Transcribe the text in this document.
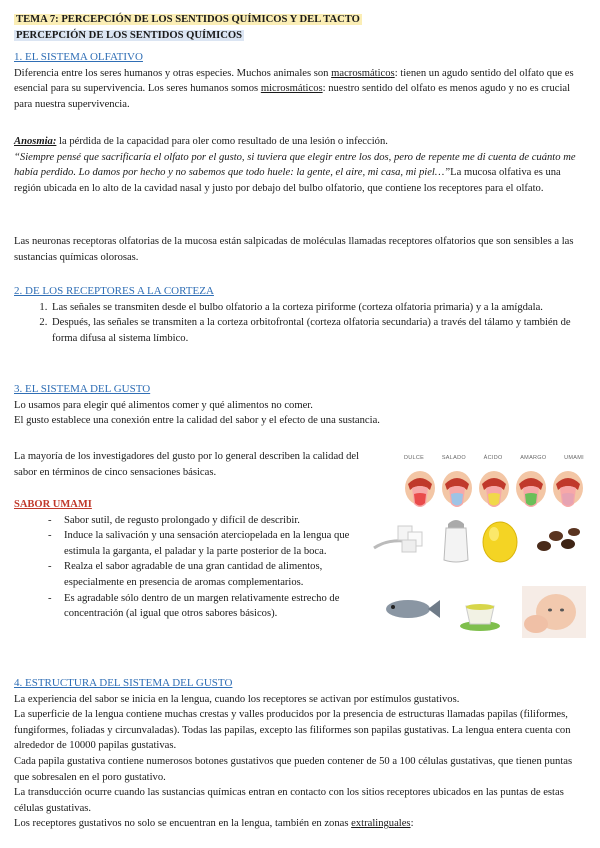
TEMA 7: PERCEPCIÓN DE LOS SENTIDOS QUÍMICOS Y DEL TACTO

PERCEPCIÓN DE LOS SENTIDOS QUÍMICOS

1. EL SISTEMA OLFATIVO

Diferencia entre los seres humanos y otras especies. Muchos animales son macrosmáticos: tienen un agudo sentido del olfato que es esencial para su supervivencia. Los seres humanos somos microsmáticos: nuestro sentido del olfato es menos agudo y no es crucial para nuestra supervivencia.

Anosmia: la pérdida de la capacidad para oler como resultado de una lesión o infección.

“Siempre pensé que sacrificaría el olfato por el gusto, si tuviera que elegir entre los dos, pero de repente me di cuenta de cuánto me había perdido. Lo damos por hecho y no sabemos que todo huele: la gente, el aire, mi casa, mi piel…”La mucosa olfativa es una región ubicada en lo alto de la cavidad nasal y justo por debajo del bulbo olfatorio, que contiene los receptores para el olfato.

Las neuronas receptoras olfatorias de la mucosa están salpicadas de moléculas llamadas receptores olfatorios que son sensibles a las sustancias químicas olorosas.

2. DE LOS RECEPTORES A LA CORTEZA

1. Las señales se transmiten desde el bulbo olfatorio a la corteza piriforme (corteza olfatoria primaria) y a la amígdala.
2. Después, las señales se transmiten a la corteza orbitofrontal (corteza olfatoria secundaria) a través del tálamo y también de forma difusa al sistema límbico.

3. EL SISTEMA DEL GUSTO

Lo usamos para elegir qué alimentos comer y qué alimentos no comer.

El gusto establece una conexión entre la calidad del sabor y el efecto de una sustancia.

La mayoría de los investigadores del gusto por lo general describen la calidad del sabor en términos de cinco sensaciones básicas.

DULCE	SALADO	ÁCIDO	AMARGO	UMAMI

SABOR UMAMI

- Sabor sutil, de regusto prolongado y difícil de describir.
- Induce la salivación y una sensación aterciopelada en la lengua que estimula la garganta, el paladar y la parte posterior de la boca.
- Realza el sabor agradable de una gran cantidad de alimentos, especialmente en presencia de aromas complementarios.
- Es agradable sólo dentro de un margen relativamente estrecho de concentración (al igual que otros sabores básicos).

4. ESTRUCTURA DEL SISTEMA DEL GUSTO

La experiencia del sabor se inicia en la lengua, cuando los receptores se activan por estímulos gustativos.

La superficie de la lengua contiene muchas crestas y valles producidos por la presencia de estructuras llamadas papilas (filiformes, fungiformes, foliadas y circunvaladas). Todas las papilas, excepto las filiformes son papilas gustativas. La lengua entera cuenta con alrededor de 10000 papilas gustativas.

Cada papila gustativa contiene numerosos botones gustativos que pueden contener de 50 a 100 células gustativas, que tienen puntas que sobresalen en el poro gustativo.

La transducción ocurre cuando las sustancias químicas entran en contacto con los sitios receptores ubicados en las puntas de estas células gustativas.

Los receptores gustativos no solo se encuentran en la lengua, también en zonas extralinguales:
